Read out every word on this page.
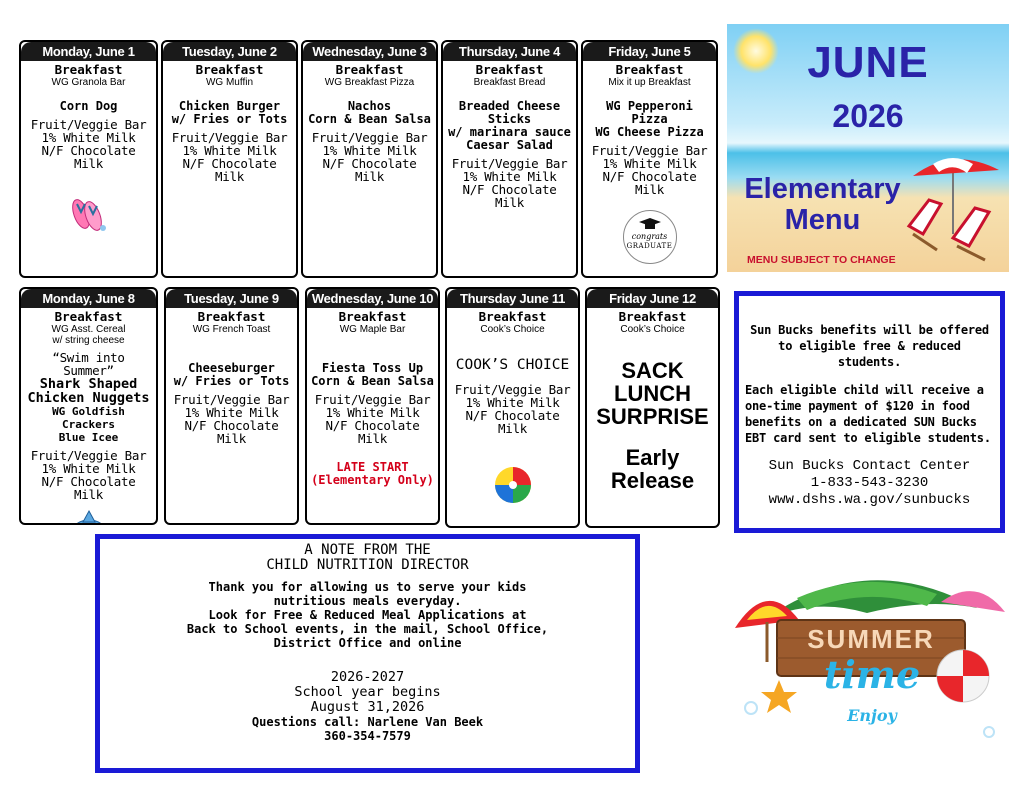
Monday, June 1
Breakfast
WG Granola Bar
Corn Dog
Fruit/Veggie Bar
1% White Milk
N/F Chocolate Milk
Tuesday, June 2
Breakfast
WG Muffin
Chicken Burger
w/ Fries or Tots
Fruit/Veggie Bar
1% White Milk
N/F Chocolate Milk
Wednesday, June 3
Breakfast
WG Breakfast Pizza
Nachos
Corn & Bean Salsa
Fruit/Veggie Bar
1% White Milk
N/F Chocolate Milk
Thursday, June 4
Breakfast
Breakfast Bread
Breaded Cheese
Sticks
w/ marinara sauce
Caesar Salad
Fruit/Veggie Bar
1% White Milk
N/F Chocolate Milk
Friday, June 5
Breakfast
Mix it up Breakfast
WG Pepperoni Pizza
WG Cheese Pizza
Fruit/Veggie Bar
1% White Milk
N/F Chocolate Milk
congrats
GRADUATE
Monday, June 8
Breakfast
WG Asst. Cereal
w/ string cheese
“Swim into Summer”
Shark Shaped
Chicken Nuggets
WG Goldfish Crackers
Blue Icee
Fruit/Veggie Bar
1% White Milk
N/F Chocolate Milk
Tuesday, June 9
Breakfast
WG French Toast
Cheeseburger
w/ Fries or Tots
Fruit/Veggie Bar
1% White Milk
N/F Chocolate Milk
Wednesday, June 10
Breakfast
WG Maple Bar
Fiesta Toss Up
Corn & Bean Salsa
Fruit/Veggie Bar
1% White Milk
N/F Chocolate Milk
LATE START
(Elementary Only)
Thursday June 11
Breakfast
Cook’s Choice
COOK’S CHOICE
Fruit/Veggie Bar
1% White Milk
N/F Chocolate Milk
Friday June 12
Breakfast
Cook’s Choice
SACK
LUNCH
SURPRISE
Early
Release
JUNE
2026
Elementary
Menu
MENU SUBJECT TO CHANGE
Sun Bucks benefits will be offered to eligible free & reduced students.
Each eligible child will receive a one-time payment of $120 in food benefits on a dedicated SUN Bucks EBT card sent to eligible students.
Sun Bucks Contact Center
1-833-543-3230
www.dshs.wa.gov/sunbucks
A NOTE FROM THE
CHILD NUTRITION DIRECTOR
Thank you for allowing us to serve your kids
nutritious meals everyday.
Look for Free & Reduced Meal Applications at
Back to School events, in the mail, School Office,
District Office and online
2026-2027
School year begins
August 31,2026
Questions call: Narlene Van Beek
360-354-7579
SUMMER
time
Enjoy
